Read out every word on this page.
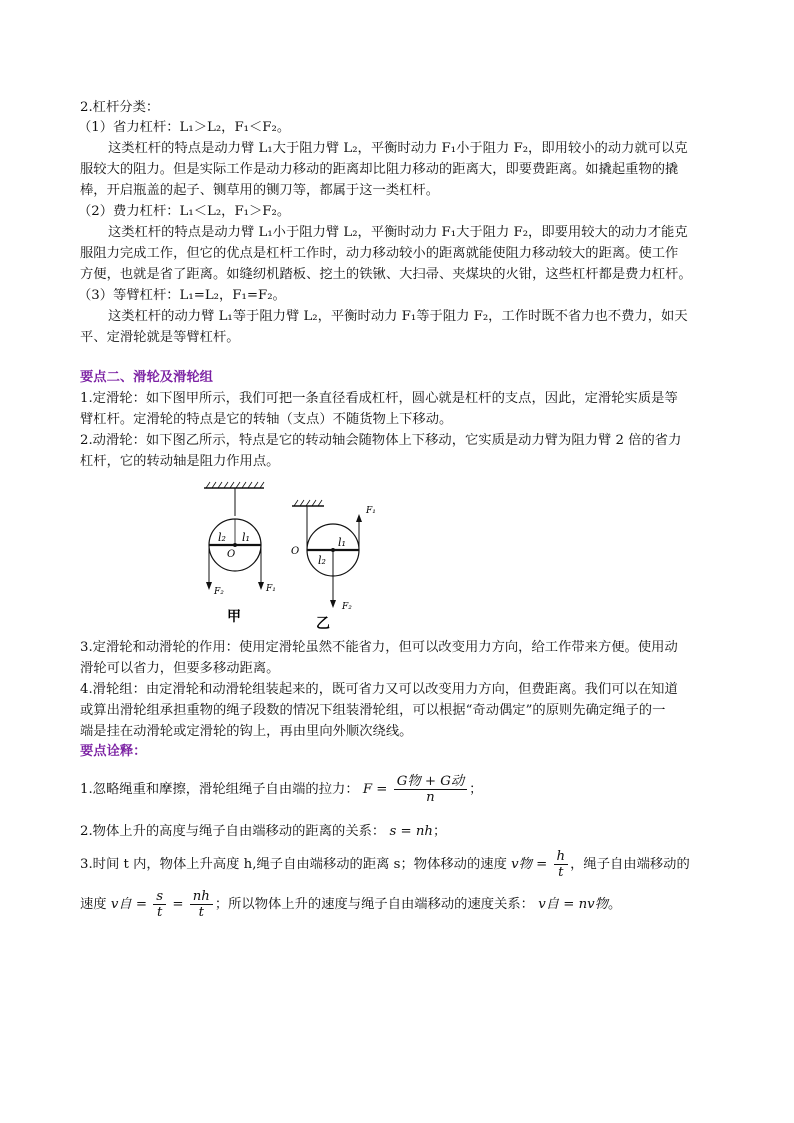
2.杠杆分类：
（1）省力杠杆：L₁＞L₂，F₁＜F₂。
这类杠杆的特点是动力臂 L₁大于阻力臂 L₂，平衡时动力 F₁小于阻力 F₂，即用较小的动力就可以克
服较大的阻力。但是实际工作是动力移动的距离却比阻力移动的距离大，即要费距离。如撬起重物的撬
棒，开启瓶盖的起子、铡草用的铡刀等，都属于这一类杠杆。
（2）费力杠杆：L₁＜L₂，F₁＞F₂。
这类杠杆的特点是动力臂 L₁小于阻力臂 L₂，平衡时动力 F₁大于阻力 F₂，即要用较大的动力才能克
服阻力完成工作，但它的优点是杠杆工作时，动力移动较小的距离就能使阻力移动较大的距离。使工作
方便，也就是省了距离。如缝纫机踏板、挖土的铁锹、大扫帚、夹煤块的火钳，这些杠杆都是费力杠杆。
（3）等臂杠杆：L₁=L₂，F₁=F₂。
这类杠杆的动力臂 L₁等于阻力臂 L₂，平衡时动力 F₁等于阻力 F₂，工作时既不省力也不费力，如天
平、定滑轮就是等臂杠杆。
要点二、滑轮及滑轮组
1.定滑轮：如下图甲所示，我们可把一条直径看成杠杆，圆心就是杠杆的支点，因此，定滑轮实质是等
臂杠杆。定滑轮的特点是它的转轴（支点）不随货物上下移动。
2.动滑轮：如下图乙所示，特点是它的转动轴会随物体上下移动，它实质是动力臂为阻力臂 2 倍的省力
杠杆，它的转动轴是阻力作用点。
l₂ l₁
O
F₂	F₁
甲
l₁
l₂
O
F₁
F₂
乙
3.定滑轮和动滑轮的作用：使用定滑轮虽然不能省力，但可以改变用力方向，给工作带来方便。使用动
滑轮可以省力，但要多移动距离。
4.滑轮组：由定滑轮和动滑轮组装起来的，既可省力又可以改变用力方向，但费距离。我们可以在知道
或算出滑轮组承担重物的绳子段数的情况下组装滑轮组，可以根据“奇动偶定”的原则先确定绳子的一
端是挂在动滑轮或定滑轮的钩上，再由里向外顺次绕线。
要点诠释：
1.忽略绳重和摩擦，滑轮组绳子自由端的拉力： $F = \frac{\text{G物 + G动}}{n}$ ；
2.物体上升的高度与绳子自由端移动的距离的关系： s = nh；
3.时间 t 内，物体上升高度 h,绳子自由端移动的距离 s；物体移动的速度 v物 = $\frac{h}{t}$ ，绳子自由端移动的
速度 v自 = $\frac{s}{t} = \frac{nh}{t}$ ；所以物体上升的速度与绳子自由端移动的速度关系： v自 = nv物。
